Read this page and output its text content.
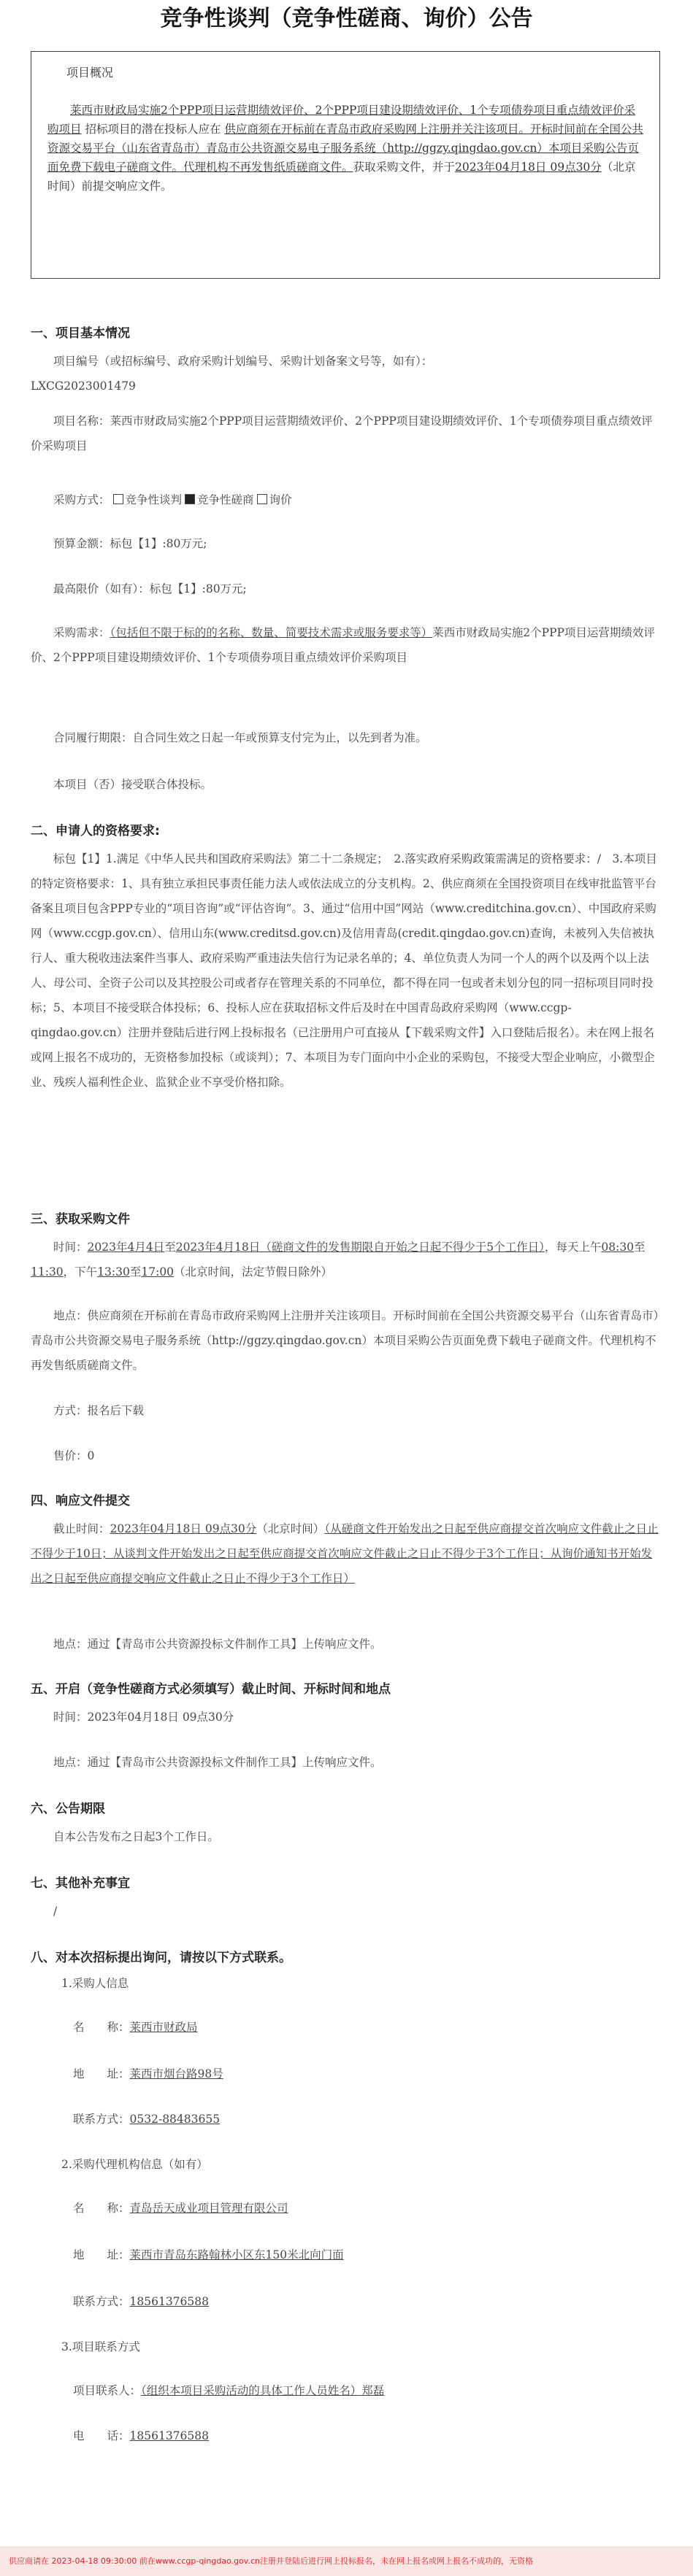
竞争性谈判（竞争性磋商、询价）公告
项目概况
莱西市财政局实施2个PPP项目运营期绩效评价、2个PPP项目建设期绩效评价、1个专项债券项目重点绩效评价采购项目 招标项目的潜在投标人应在 供应商须在开标前在青岛市政府采购网上注册并关注该项目。开标时间前在全国公共资源交易平台（山东省青岛市）青岛市公共资源交易电子服务系统（http://ggzy.qingdao.gov.cn）本项目采购公告页面免费下载电子磋商文件。代理机构不再发售纸质磋商文件。获取采购文件，并于2023年04月18日 09点30分（北京时间）前提交响应文件。
一、项目基本情况
项目编号（或招标编号、政府采购计划编号、采购计划备案文号等，如有）：
LXCG2023001479
项目名称：莱西市财政局实施2个PPP项目运营期绩效评价、2个PPP项目建设期绩效评价、1个专项债券项目重点绩效评价采购项目
采购方式： 竞争性谈判 竞争性磋商 询价
预算金额：标包【1】:80万元;
最高限价（如有）：标包【1】:80万元;
采购需求：（包括但不限于标的的名称、数量、简要技术需求或服务要求等）莱西市财政局实施2个PPP项目运营期绩效评价、2个PPP项目建设期绩效评价、1个专项债券项目重点绩效评价采购项目
合同履行期限：自合同生效之日起一年或预算支付完为止，以先到者为准。
本项目（否）接受联合体投标。
二、申请人的资格要求:
标包【1】1.满足《中华人民共和国政府采购法》第二十二条规定；　2.落实政府采购政策需满足的资格要求：/　3.本项目的特定资格要求：1、具有独立承担民事责任能力法人或依法成立的分支机构。2、供应商须在全国投资项目在线审批监管平台备案且项目包含PPP专业的“项目咨询”或“评估咨询”。3、通过“信用中国”网站（www.creditchina.gov.cn）、中国政府采购网（www.ccgp.gov.cn）、信用山东(www.creditsd.gov.cn)及信用青岛(credit.qingdao.gov.cn)查询，未被列入失信被执行人、重大税收违法案件当事人、政府采购严重违法失信行为记录名单的；4、单位负责人为同一个人的两个以及两个以上法人、母公司、全资子公司以及其控股公司或者存在管理关系的不同单位，都不得在同一包或者未划分包的同一招标项目同时投标；5、本项目不接受联合体投标；6、投标人应在获取招标文件后及时在中国青岛政府采购网（www.ccgp-qingdao.gov.cn）注册并登陆后进行网上投标报名（已注册用户可直接从【下载采购文件】入口登陆后报名）。未在网上报名或网上报名不成功的，无资格参加投标（或谈判）；7、本项目为专门面向中小企业的采购包，不接受大型企业响应，小微型企业、残疾人福利性企业、监狱企业不享受价格扣除。
三、获取采购文件
时间：2023年4月4日至2023年4月18日（磋商文件的发售期限自开始之日起不得少于5个工作日），每天上午08:30至11:30，下午13:30至17:00（北京时间，法定节假日除外）
地点：供应商须在开标前在青岛市政府采购网上注册并关注该项目。开标时间前在全国公共资源交易平台（山东省青岛市）青岛市公共资源交易电子服务系统（http://ggzy.qingdao.gov.cn）本项目采购公告页面免费下载电子磋商文件。代理机构不再发售纸质磋商文件。
方式：报名后下载
售价：0
四、响应文件提交
截止时间：2023年04月18日 09点30分（北京时间）（从磋商文件开始发出之日起至供应商提交首次响应文件截止之日止不得少于10日；从谈判文件开始发出之日起至供应商提交首次响应文件截止之日止不得少于3个工作日；从询价通知书开始发出之日起至供应商提交响应文件截止之日止不得少于3个工作日）
地点：通过【青岛市公共资源投标文件制作工具】上传响应文件。
五、开启（竞争性磋商方式必须填写）截止时间、开标时间和地点
时间：2023年04月18日 09点30分
地点：通过【青岛市公共资源投标文件制作工具】上传响应文件。
六、公告期限
自本公告发布之日起3个工作日。
七、其他补充事宜
/
八、对本次招标提出询问，请按以下方式联系。
1.采购人信息
名　　称：莱西市财政局
地　　址：莱西市烟台路98号
联系方式：0532-88483655
2.采购代理机构信息（如有）
名　　称：青岛岳天成业项目管理有限公司
地　　址：莱西市青岛东路翰林小区东150米北向门面
联系方式：18561376588
3.项目联系方式
项目联系人：（组织本项目采购活动的具体工作人员姓名）郑磊
电　　话：18561376588
供应商请在 2023-04-18 09:30:00 前在www.ccgp-qingdao.gov.cn注册并登陆后进行网上投标报名，未在网上报名或网上报名不成功的，无资格
